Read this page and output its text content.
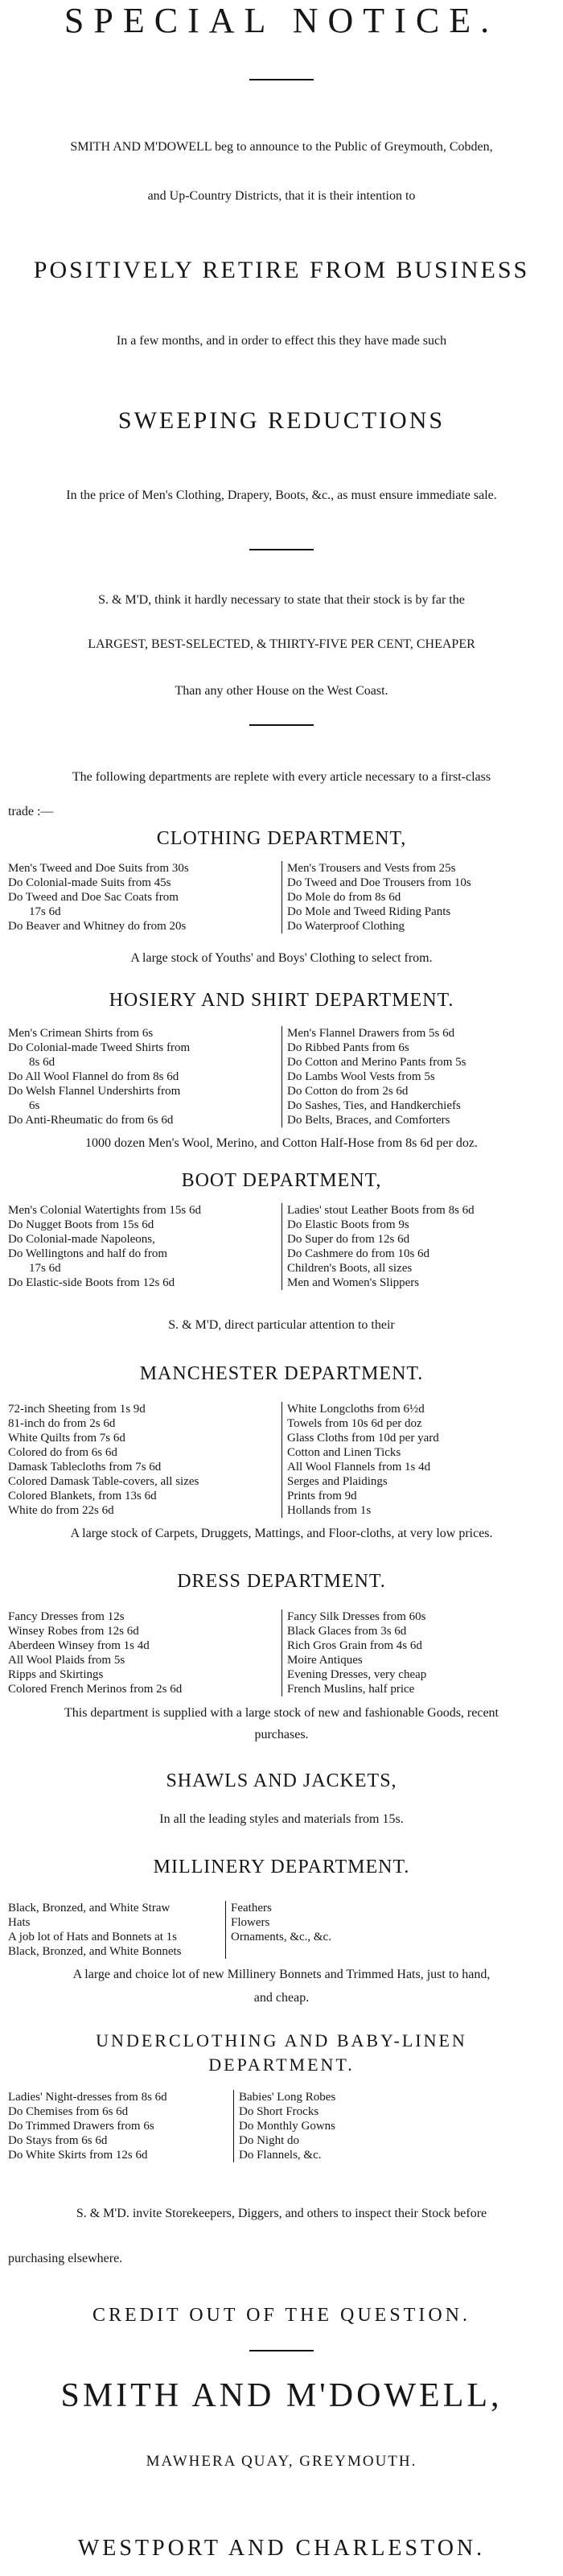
SPECIAL NOTICE.
SMITH AND M'DOWELL beg to announce to the Public of Greymouth, Cobden,
and Up-Country Districts, that it is their intention to
POSITIVELY RETIRE FROM BUSINESS
In a few months, and in order to effect this they have made such
SWEEPING REDUCTIONS
In the price of Men's Clothing, Drapery, Boots, &c., as must ensure immediate sale.
S. & M'D, think it hardly necessary to state that their stock is by far the
LARGEST, BEST-SELECTED, & THIRTY-FIVE PER CENT, CHEAPER
Than any other House on the West Coast.
The following departments are replete with every article necessary to a first-class
trade :—
CLOTHING DEPARTMENT,
Men's Tweed and Doe Suits from 30s
Do Colonial-made Suits from 45s
Do Tweed and Doe Sac Coats from
17s 6d
Do Beaver and Whitney do from 20s
Men's Trousers and Vests from 25s
Do Tweed and Doe Trousers from 10s
Do Mole do from 8s 6d
Do Mole and Tweed Riding Pants
Do Waterproof Clothing
A large stock of Youths' and Boys' Clothing to select from.
HOSIERY AND SHIRT DEPARTMENT.
Men's Crimean Shirts from 6s
Do Colonial-made Tweed Shirts from
8s 6d
Do All Wool Flannel do from 8s 6d
Do Welsh Flannel Undershirts from
6s
Do Anti-Rheumatic do from 6s 6d
Men's Flannel Drawers from 5s 6d
Do Ribbed Pants from 6s
Do Cotton and Merino Pants from 5s
Do Lambs Wool Vests from 5s
Do Cotton do from 2s 6d
Do Sashes, Ties, and Handkerchiefs
Do Belts, Braces, and Comforters
1000 dozen Men's Wool, Merino, and Cotton Half-Hose from 8s 6d per doz.
BOOT DEPARTMENT,
Men's Colonial Watertights from 15s 6d
Do Nugget Boots from 15s 6d
Do Colonial-made Napoleons,
Do Wellingtons and half do from
17s 6d
Do Elastic-side Boots from 12s 6d
Ladies' stout Leather Boots from 8s 6d
Do Elastic Boots from 9s
Do Super do from 12s 6d
Do Cashmere do from 10s 6d
Children's Boots, all sizes
Men and Women's Slippers
S. & M'D, direct particular attention to their
MANCHESTER DEPARTMENT.
72-inch Sheeting from 1s 9d
81-inch do from 2s 6d
White Quilts from 7s 6d
Colored do from 6s 6d
Damask Tablecloths from 7s 6d
Colored Damask Table-covers, all sizes
Colored Blankets, from 13s 6d
White do from 22s 6d
White Longcloths from 6½d
Towels from 10s 6d per doz
Glass Cloths from 10d per yard
Cotton and Linen Ticks
All Wool Flannels from 1s 4d
Serges and Plaidings
Prints from 9d
Hollands from 1s
A large stock of Carpets, Druggets, Mattings, and Floor-cloths, at very low prices.
DRESS DEPARTMENT.
Fancy Dresses from 12s
Winsey Robes from 12s 6d
Aberdeen Winsey from 1s 4d
All Wool Plaids from 5s
Ripps and Skirtings
Colored French Merinos from 2s 6d
Fancy Silk Dresses from 60s
Black Glaces from 3s 6d
Rich Gros Grain from 4s 6d
Moire Antiques
Evening Dresses, very cheap
French Muslins, half price
This department is supplied with a large stock of new and fashionable Goods, recent
purchases.
SHAWLS AND JACKETS,
In all the leading styles and materials from 15s.
MILLINERY DEPARTMENT.
Black, Bronzed, and White Straw Hats
A job lot of Hats and Bonnets at 1s
Black, Bronzed, and White Bonnets
Feathers
Flowers
Ornaments, &c., &c.
A large and choice lot of new Millinery Bonnets and Trimmed Hats, just to hand,
and cheap.
UNDERCLOTHING AND BABY-LINEN
DEPARTMENT.
Ladies' Night-dresses from 8s 6d
Do Chemises from 6s 6d
Do Trimmed Drawers from 6s
Do Stays from 6s 6d
Do White Skirts from 12s 6d
Babies' Long Robes
Do Short Frocks
Do Monthly Gowns
Do Night do
Do Flannels, &c.
S. & M'D. invite Storekeepers, Diggers, and others to inspect their Stock before
purchasing elsewhere.
CREDIT OUT OF THE QUESTION.
SMITH AND M'DOWELL,
MAWHERA QUAY, GREYMOUTH.
WESTPORT AND CHARLESTON.
